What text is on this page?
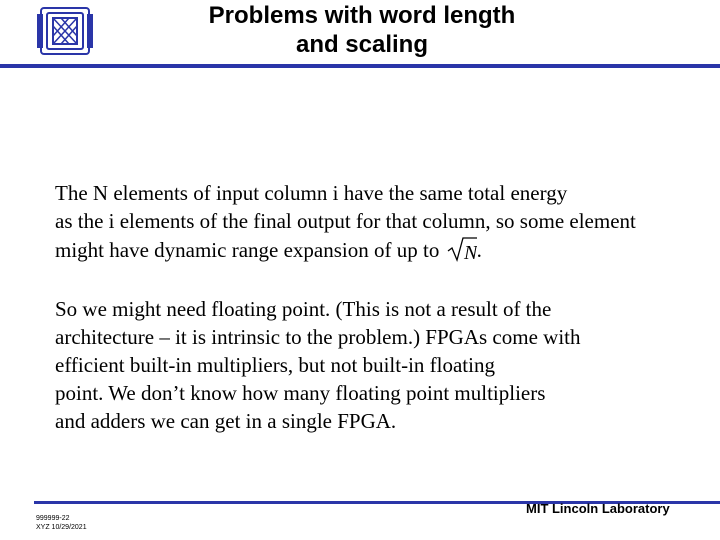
Problems with word length
and scaling

The N elements of input column i have the same total energy
as the i elements of the final output for that column, so some element
might have dynamic range expansion of up to N .

So we might need floating point. (This is not a result of the
architecture – it is intrinsic to the problem.) FPGAs come with
efficient built-in multipliers, but not built-in floating
point. We don’t know how many floating point multipliers
and adders we can get in a single FPGA.

999999-22
XYZ 10/29/2021
MIT Lincoln Laboratory
